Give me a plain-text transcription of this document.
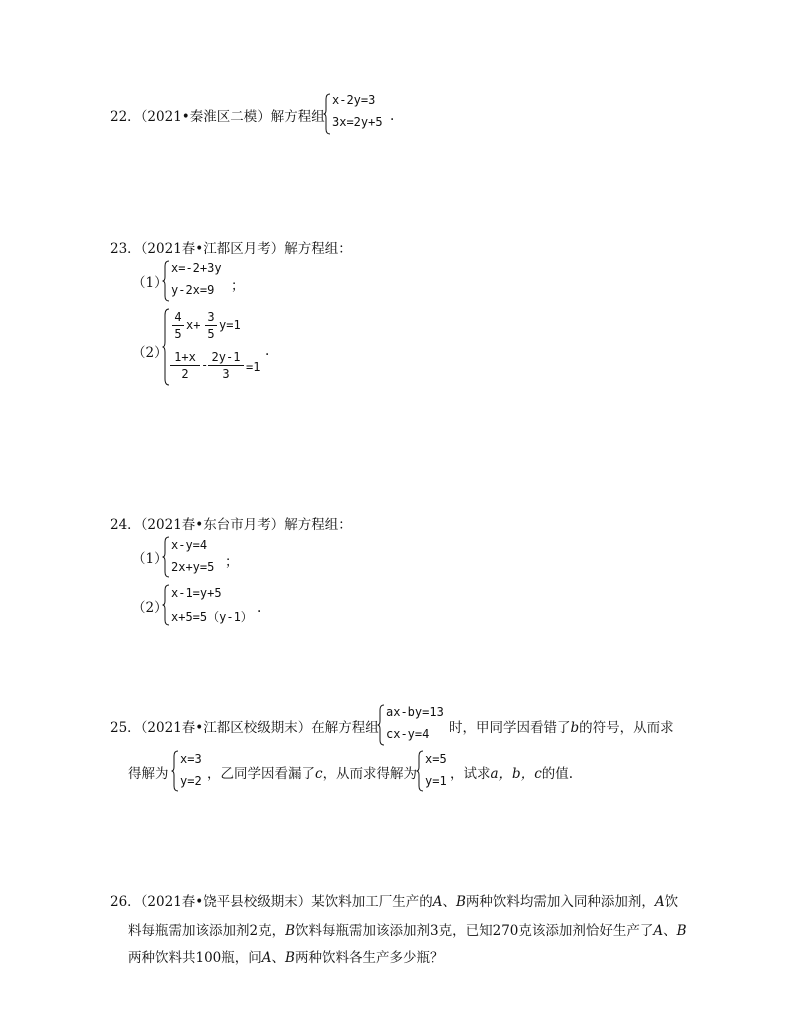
22．（2021•秦淮区二模）解方程组
x-2y=3
3x=2y+5 .
23．（2021春•江都区月考）解方程组：
（1）
x=-2+3y
y-2x=9 ；
（2）
4
5
x+
3
5
y=1
1+x
2
-
2y-1
3	=1
.
24．（2021春•东台市月考）解方程组：
（1）
x-y=4
2x+y=5 ；
（2）
x-1=y+5
x+5=5（y-1）
.
25．（2021春•江都区校级期末）在解方程组
ax-by=13
cx-y=4 时，甲同学因看错了b的符号，从而求
得解为
x=3
y=2 ，乙同学因看漏了c，从而求得解为
x=5
y=1 ，试求a，b，c的值.
26．（2021春•饶平县校级期末）某饮料加工厂生产的A、B两种饮料均需加入同种添加剂，A饮
料每瓶需加该添加剂2克，B饮料每瓶需加该添加剂3克，已知270克该添加剂恰好生产了A、B
两种饮料共100瓶，问A、B两种饮料各生产多少瓶？
